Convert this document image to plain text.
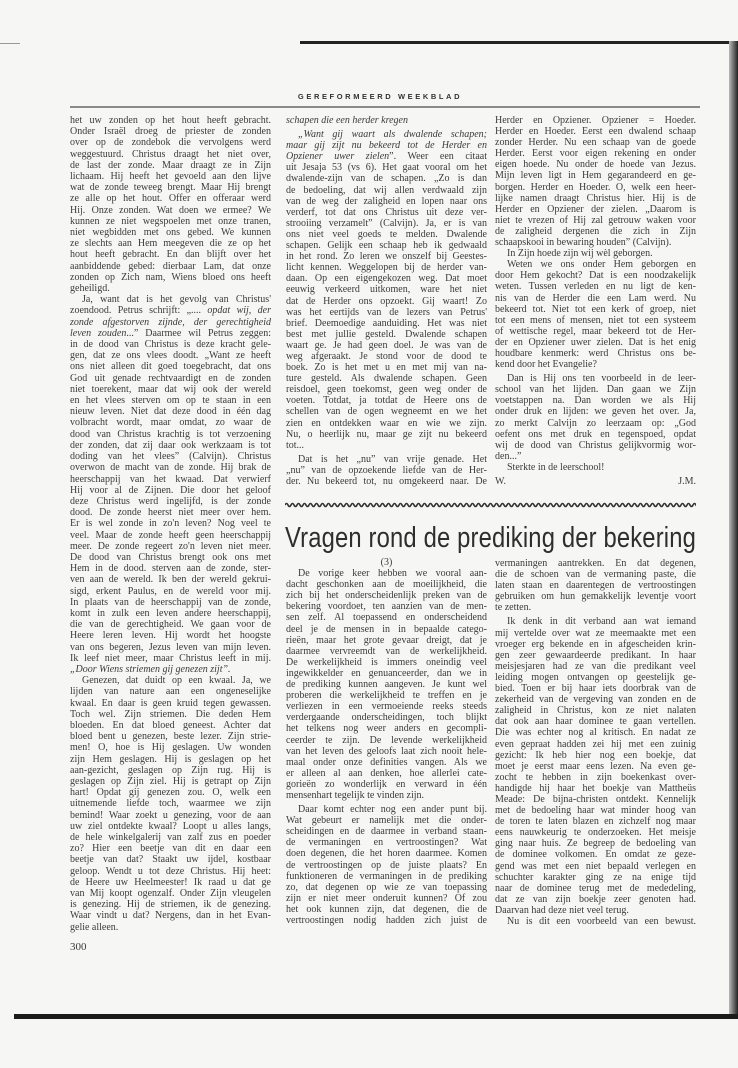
GEREFORMEERD WEEKBLAD
het uw zonden op het hout heeft gebracht.
Onder Israël droeg de priester de zonden
over op de zondebok die vervolgens werd
weggestuurd. Christus draagt het niet over,
de last der zonde. Maar draagt ze in Zijn
lichaam. Hij heeft het gevoeld aan den lijve
wat de zonde teweeg brengt. Maar Hij brengt
ze alle op het hout. Offer en offeraar werd
Hij. Onze zonden. Wat doen we ermee? We
kunnen ze niet wegspoelen met onze tranen,
niet wegbidden met ons gebed. We kunnen
ze slechts aan Hem meegeven die ze op het
hout heeft gebracht. En dan blijft over het
aanbiddende gebed: dierbaar Lam, dat onze
zonden op Zich nam, Wiens bloed ons heeft
geheiligd.
Ja, want dat is het gevolg van Christus'
zoendood. Petrus schrijft: „.... opdat wij, der
zonde afgestorven zijnde, der gerechtigheid
leven zouden...” Daarmee wil Petrus zeggen:
in de dood van Christus is deze kracht gele-
gen, dat ze ons vlees doodt. „Want ze heeft
ons niet alleen dit goed toegebracht, dat ons
God uit genade rechtvaardigt en de zonden
niet toerekent, maar dat wij ook der wereld
en het vlees sterven om op te staan in een
nieuw leven. Niet dat deze dood in één dag
volbracht wordt, maar omdat, zo waar de
dood van Christus krachtig is tot verzoening
der zonden, dat zij daar ook werkzaam is tot
doding van het vlees” (Calvijn). Christus
overwon de macht van de zonde. Hij brak de
heerschappij van het kwaad. Dat verwierf
Hij voor al de Zijnen. Die door het geloof
deze Christus werd ingelijfd, is der zonde
dood. De zonde heerst niet meer over hem.
Er is wel zonde in zo'n leven? Nog veel te
veel. Maar de zonde heeft geen heerschappij
meer. De zonde regeert zo'n leven niet meer.
De dood van Christus brengt ook ons met
Hem in de dood. sterven aan de zonde, ster-
ven aan de wereld. Ik ben der wereld gekrui-
sigd, erkent Paulus, en de wereld voor mij.
In plaats van de heerschappij van de zonde,
komt in zulk een leven andere heerschappij,
die van de gerechtigheid. We gaan voor de
Heere leren leven. Hij wordt het hoogste
van ons begeren, Jezus leven van mijn leven.
Ik leef niet meer, maar Christus leeft in mij.
„Door Wiens striemen gij genezen zijt”.
Genezen, dat duidt op een kwaal. Ja, we
lijden van nature aan een ongeneselijke
kwaal. En daar is geen kruid tegen gewassen.
Toch wel. Zijn striemen. Die deden Hem
bloeden. En dat bloed geneest. Achter dat
bloed bent u genezen, beste lezer. Zijn strie-
men! O, hoe is Hij geslagen. Uw wonden
zijn Hem geslagen. Hij is geslagen op het
aan-gezicht, geslagen op Zijn rug. Hij is
geslagen op Zijn ziel. Hij is getrapt op Zijn
hart! Opdat gij genezen zou. O, welk een
uitnemende liefde toch, waarmee we zijn
bemind! Waar zoekt u genezing, voor de aan
uw ziel ontdekte kwaal? Loopt u alles langs,
de hele winkelgalerij van zalf zus en poeder
zo? Hier een beetje van dit en daar een
beetje van dat? Staakt uw ijdel, kostbaar
geloop. Wendt u tot deze Christus. Hij heet:
de Heere uw Heelmeester! Ik raad u dat ge
van Mij koopt ogenzalf. Onder Zijn vleugelen
is genezing. Hij de striemen, ik de genezing.
Waar vindt u dat? Nergens, dan in het Evan-
gelie alleen.
schapen die een herder kregen
„Want gij waart als dwalende schapen;
maar gij zijt nu bekeerd tot de Herder en
Opziener uwer zielen”. Weer een citaat
uit Jesaja 53 (vs 6). Het gaat vooral om het
dwalende-zijn van de schapen. „Zo is dan
de bedoeling, dat wij allen verdwaald zijn
van de weg der zaligheid en lopen naar ons
verderf, tot dat ons Christus uit deze ver-
strooiing verzamelt” (Calvijn). Ja, er is van
ons niet veel goeds te melden. Dwalende
schapen. Gelijk een schaap heb ik gedwaald
in het rond. Zo leren we onszelf bij Geestes-
licht kennen. Weggelopen bij de herder van-
daan. Op een eigengekozen weg. Dat moet
eeuwig verkeerd uitkomen, ware het niet
dat de Herder ons opzoekt. Gij waart! Zo
was het eertijds van de lezers van Petrus'
brief. Deemoedige aanduiding. Het was niet
best met jullie gesteld. Dwalende schapen
waart ge. Je had geen doel. Je was van de
weg afgeraakt. Je stond voor de dood te
boek. Zo is het met u en met mij van na-
ture gesteld. Als dwalende schapen. Geen
reisdoel, geen toekomst, geen weg onder de
voeten. Totdat, ja totdat de Heere ons de
schellen van de ogen wegneemt en we het
zien en ontdekken waar en wie we zijn.
Nu, o heerlijk nu, maar ge zijt nu bekeerd
tot...
Dat is het „nu” van vrije genade. Het
„nu” van de opzoekende liefde van de Her-
der. Nu bekeerd tot, nu omgekeerd naar. De
Herder en Opziener. Opziener = Hoeder.
Herder en Hoeder. Eerst een dwalend schaap
zonder Herder. Nu een schaap van de goede
Herder. Eerst voor eigen rekening en onder
eigen hoede. Nu onder de hoede van Jezus.
Mijn leven ligt in Hem gegarandeerd en ge-
borgen. Herder en Hoeder. O, welk een heer-
lijke namen draagt Christus hier. Hij is de
Herder en Opziener der zielen. „Daarom is
niet te vrezen of Hij zal getrouw waken voor
de zaligheid dergenen die zich in Zijn
schaapskooi in bewaring houden” (Calvijn).
In Zijn hoede zijn wij wèl geborgen.
Weten we ons onder Hem geborgen en
door Hem gekocht? Dat is een noodzakelijk
weten. Tussen verleden en nu ligt de ken-
nis van de Herder die een Lam werd. Nu
bekeerd tot. Niet tot een kerk of groep, niet
tot een mens of mensen, niet tot een systeem
of wettische regel, maar bekeerd tot de Her-
der en Opziener uwer zielen. Dat is het enig
houdbare kenmerk: werd Christus ons be-
kend door het Evangelie?
Dan is Hij ons ten voorbeeld in de leer-
school van het lijden. Dan gaan we Zijn
voetstappen na. Dan worden we als Hij
onder druk en lijden: we geven het over. Ja,
zo merkt Calvijn zo leerzaam op: „God
oefent ons met druk en tegenspoed, opdat
wij de dood van Christus gelijkvormig wor-
den...”
Sterkte in de leerschool!
W.	J.M.
Vragen rond de prediking der bekering
(3)
De vorige keer hebben we vooral aan-
dacht geschonken aan de moeilijkheid, die
zich bij het onderscheidenlijk preken van de
bekering voordoet, ten aanzien van de men-
sen zelf. Al toepassend en onderscheidend
deel je de mensen in in bepaalde catego-
rieën, maar het grote gevaar dreigt, dat je
daarmee vervreemdt van de werkelijkheid.
De werkelijkheid is immers oneindig veel
ingewikkelder en genuanceerder, dan we in
de prediking kunnen aangeven. Je kunt wel
proberen die werkelijkheid te treffen en je
verliezen in een vermoeiende reeks steeds
verdergaande onderscheidingen, toch blijkt
het telkens nog weer anders en gecompli-
ceerder te zijn. De levende werkelijkheid
van het leven des geloofs laat zich nooit hele-
maal onder onze definities vangen. Als we
er alleen al aan denken, hoe allerlei cate-
gorieën zo wonderlijk en verward in één
mensenhart tegelijk te vinden zijn.
Daar komt echter nog een ander punt bij.
Wat gebeurt er namelijk met die onder-
scheidingen en de daarmee in verband staan-
de vermaningen en vertroostingen? Wat
doen degenen, die het horen daarmee. Komen
de vertroostingen op de juiste plaats? En
funktioneren de vermaningen in de prediking
zo, dat degenen op wie ze van toepassing
zijn er niet meer onderuit kunnen? Of zou
het ook kunnen zijn, dat degenen, die de
vertroostingen nodig hadden zich juist de
vermaningen aantrekken. En dat degenen,
die de schoen van de vermaning paste, die
laten staan en daarentegen de vertroostingen
gebruiken om hun gemakkelijk leventje voort
te zetten.
Ik denk in dit verband aan wat iemand
mij vertelde over wat ze meemaakte met een
vroeger erg bekende en in afgescheiden krin-
gen zeer gewaardeerde predikant. In haar
meisjesjaren had ze van die predikant veel
leiding mogen ontvangen op geestelijk ge-
bied. Toen er bij haar iets doorbrak van de
zekerheid van de vergeving van zonden en de
zaligheid in Christus, kon ze niet nalaten
dat ook aan haar dominee te gaan vertellen.
Die was echter nog al kritisch. En nadat ze
even gepraat hadden zei hij met een zuinig
gezicht: Ik heb hier nog een boekje, dat
moet je eerst maar eens lezen. Na even ge-
zocht te hebben in zijn boekenkast over-
handigde hij haar het boekje van Mattheüs
Meade: De bijna-christen ontdekt. Kennelijk
met de bedoeling haar wat minder hoog van
de toren te laten blazen en zichzelf nog maar
eens nauwkeurig te onderzoeken. Het meisje
ging naar huis. Ze begreep de bedoeling van
de dominee volkomen. En omdat ze geze-
gend was met een niet bepaald verlegen en
schuchter karakter ging ze na enige tijd
naar de dominee terug met de mededeling,
dat ze van zijn boekje zeer genoten had.
Daarvan had deze niet veel terug.
Nu is dit een voorbeeld van een bewust.
300
